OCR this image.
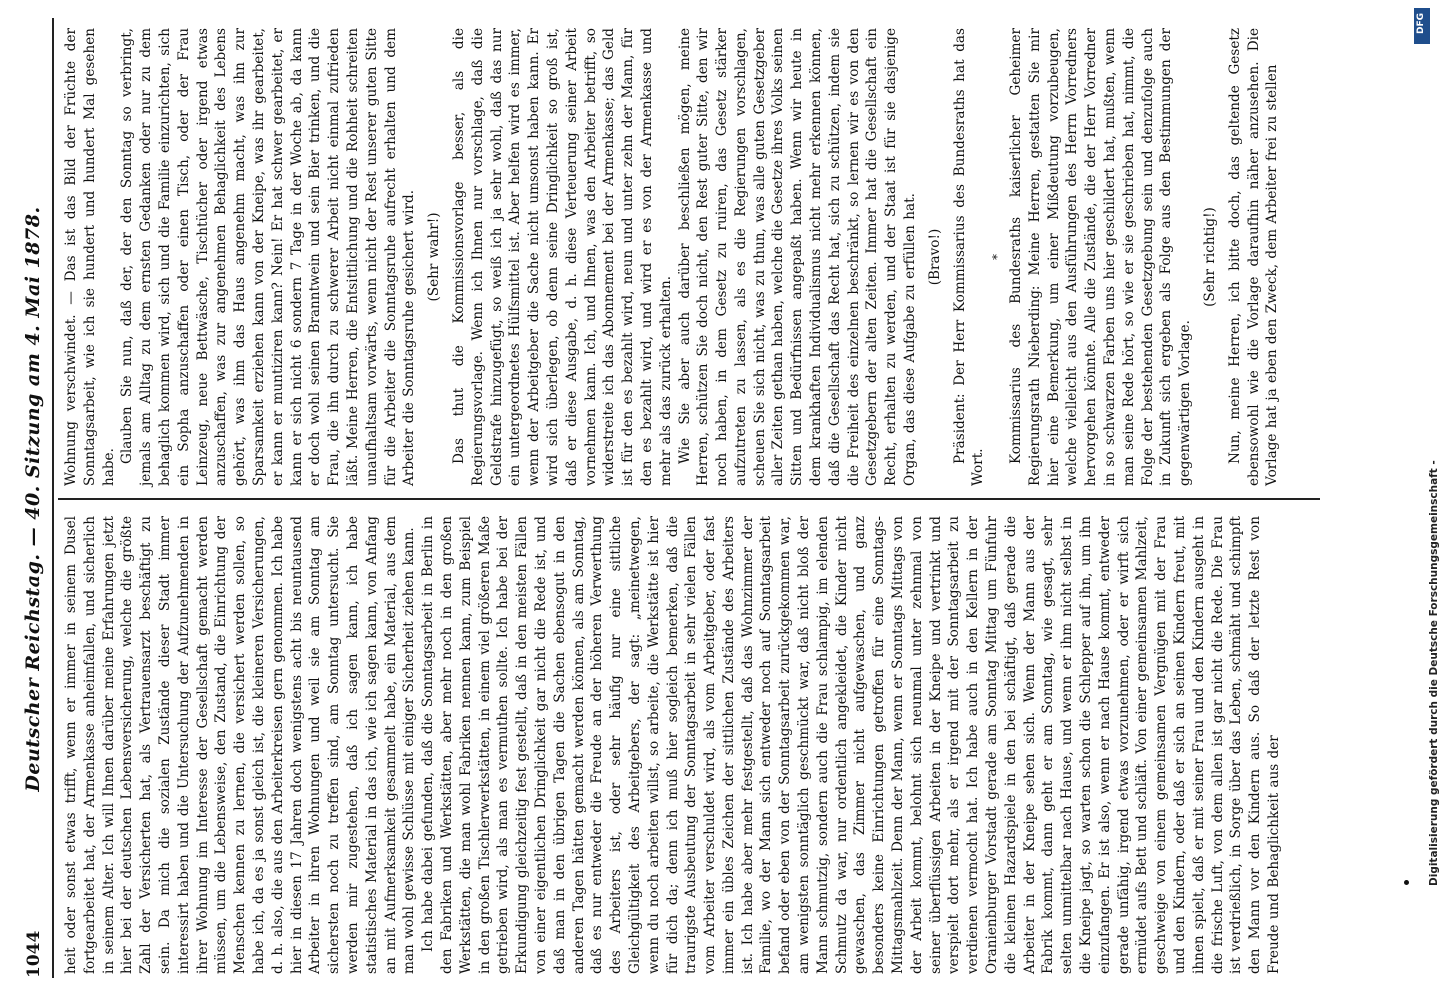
1044
Deutscher Reichstag. — 40. Sitzung am 4. Mai 1878. heit oder sonst etwas trifft, wenn er immer in seinem Dusel fortgearbeitet hat, der Armenkasse anheimfallen, und sicherlich in seinem Alter. Ich will Ihnen darüber meine Erfahrungen jetzt hier bei der deutschen Lebensversicherung, welche die größte Zahl der Versicherten hat, als Vertrauensarzt beschäftigt zu sein. Da mich die sozialen Zustände dieser Stadt immer interessirt haben und die Untersuchung der Aufzunehmenden in ihrer Wohnung im Interesse der Gesellschaft gemacht werden müssen, um die Lebensweise, den Zustand, die Einrichtung der Menschen kennen zu lernen, die versichert werden sollen, so habe ich, da es ja sonst gleich ist, die kleineren Versicherungen, d. h. also, die aus den Arbeiterkreisen gern genommen. Ich habe hier in diesen 17 Jahren doch wenigstens acht bis neuntausend Arbeiter in ihren Wohnungen und weil sie am Sonntag am sichersten noch zu treffen sind, am Sonntag untersucht. Sie werden mir zugestehen, daß ich sagen kann, ich habe statistisches Material in das ich, wie ich sagen kann, von Anfang an mit Aufmerksamkeit gesammelt habe, ein Material, aus dem man wohl gewisse Schlüsse mit einiger Sicherheit ziehen kann. Ich habe dabei gefunden, daß die Sonntagsarbeit in Berlin in den Fabriken und Werkstätten, aber mehr noch in den großen Werkstätten, die man wohl Fabriken nennen kann, zum Beispiel in den großen Tischlerwerkstätten, in einem viel größeren Maße getrieben wird, als man es vermuthen sollte. Ich habe bei der Erkundigung gleichzeitig fest gestellt, daß in den meisten Fällen von einer eigentlichen Dringlichkeit gar nicht die Rede ist, und daß man in den übrigen Tagen die Sachen ebensogut in den anderen Tagen hätten gemacht werden können, als am Sonntag, daß es nur entweder die Freude an der höheren Verwerthung des Arbeiters ist, oder sehr häufig nur eine sittliche Gleichgültigkeit des Arbeitgebers, der sagt: „meinetwegen, wenn du noch arbeiten willst, so arbeite, die Werkstätte ist hier für dich da; denn ich muß hier sogleich bemerken, daß die traurigste Ausbeutung der Sonntagsarbeit in sehr vielen Fällen vom Arbeiter verschuldet wird, als vom Arbeitgeber, oder fast immer ein übles Zeichen der sittlichen Zustände des Arbeiters ist. Ich habe aber mehr festgestellt, daß das Wohnzimmer der Familie, wo der Mann sich entweder noch auf Sonntagsarbeit befand oder eben von der Sonntagsarbeit zurückgekommen war, am wenigsten sonntäglich geschmückt war, daß nicht bloß der Mann schmutzig, sondern auch die Frau schlampig, im elenden Schmutz da war, nur ordentlich angekleidet, die Kinder nicht gewaschen, das Zimmer nicht aufgewaschen, und ganz besonders keine Einrichtungen getroffen für eine Sonntags-Mittagsmahlzeit. Denn der Mann, wenn er Sonntags Mittags von der Arbeit kommt, belohnt sich neunmal unter zehnmal von seiner überflüssigen Arbeiten in der Kneipe und vertrinkt und verspielt dort mehr, als er irgend mit der Sonntagsarbeit zu verdienen vermocht hat. Ich habe auch in den Kellern in der Oranienburger Vorstadt gerade am Sonntag Mittag um Fünfuhr die kleinen Hazardspiele in den bei schäftigt, daß gerade die Arbeiter in der Kneipe sehen sich. Wenn der Mann aus der Fabrik kommt, dann geht er am Sonntag, wie gesagt, sehr selten unmittelbar nach Hause, und wenn er ihm nicht selbst in die Kneipe jagt, so warten schon die Schlepper auf ihn, um ihn einzufangen. Er ist also, wenn er nach Hause kommt, entweder gerade unfähig, irgend etwas vorzunehmen, oder er wirft sich ermüdet aufs Bett und schläft. Von einer gemeinsamen Mahlzeit, geschweige von einem gemeinsamen Vergnügen mit der Frau und den Kindern, oder daß er sich an seinen Kindern freut, mit ihnen spielt, daß er mit seiner Frau und den Kindern ausgeht in die frische Luft, von dem allen ist gar nicht die Rede. Die Frau ist verdrießlich, in Sorge über das Leben, schmäht und schimpft den Mann vor den Kindern aus. So daß der letzte Rest von Freude und Behaglichkeit aus der

Wohnung verschwindet. — Das ist das Bild der Früchte der Sonntagsarbeit, wie ich sie hundert und hundert Mal gesehen habe.

Glauben Sie nun, daß der, der den Sonntag so verbringt, jemals am Alltag zu dem ernsten Gedanken oder nur zu dem behaglich kommen wird, sich und die Familie einzurichten, sich ein Sopha anzuschaffen oder einen Tisch, oder der Frau Leinzeug, neue Bettwäsche, Tischtücher oder irgend etwas anzuschaffen, was zur angenehmen Behaglichkeit des Lebens gehört, was ihm das Haus angenehm macht, was ihn zur Sparsamkeit erziehen kann von der Kneipe, was ihr gearbeitet, er kann er muntiziren kann? Nein! Er hat schwer gearbeitet, er kann er sich nicht 6 sondern 7 Tage in der Woche ab, da kann er doch wohl seinen Branntwein und sein Bier trinken, und die Frau, die ihn durch zu schwerer Arbeit nicht einmal zufrieden läßt. Meine Herren, die Entsittlichung und die Rohheit schreiten unaufhaltsam vorwärts, wenn nicht der Rest unserer guten Sitte für die Arbeiter die Sonntagsruhe aufrecht erhalten und dem Arbeiter die Sonntagsruhe gesichert wird. (Sehr wahr!) Das thut die Kommissionsvorlage besser, als die Regierungsvorlage. Wenn ich Ihnen nur vorschlage, daß die Geldstrafe hinzugefügt, so weiß ich ja sehr wohl, daß das nur ein untergeordnetes Hülfsmittel ist. Aber helfen wird es immer, wenn der Arbeitgeber die Sache nicht umsonst haben kann. Er wird sich überlegen, ob denn seine Dringlichkeit so groß ist, daß er diese Ausgabe, d. h. diese Verteuerung seiner Arbeit vornehmen kann. Ich, und Ihnen, was den Arbeiter betrifft, so widerstreite ich das Abonnement bei der Armenkasse; das Geld ist für den es bezahlt wird, neun und unter zehn der Mann, für den es bezahlt wird, und wird er es von der Armenkasse und mehr als das zurück erhalten. Wie Sie aber auch darüber beschließen mögen, meine Herren, schützen Sie doch nicht, den Rest guter Sitte, den wir noch haben, in dem Gesetz zu ruiren, das Gesetz stärker aufzutreten zu lassen, als es die Regierungen vorschlagen, scheuen Sie sich nicht, was zu thun, was alle guten Gesetzgeber aller Zeiten gethan haben, welche die Gesetze ihres Volks seinen Sitten und Bedürfnissen angepaßt haben. Wenn wir heute in dem krankhaften Individualismus nicht mehr erkennen können, daß die Gesellschaft das Recht hat, sich zu schützen, indem sie die Freiheit des einzelnen beschränkt, so lernen wir es von den Gesetzgebern der alten Zeiten. Immer hat die Gesellschaft ein Recht, erhalten zu werden, und der Staat ist für sie dasjenige Organ, das diese Aufgabe zu erfüllen hat. (Bravo!) Präsident: Der Herr Kommissarius des Bundesraths hat das Wort.

* Kommissarius des Bundesraths kaiserlicher Geheimer Regierungsrath Nieberding: Meine Herren, gestatten Sie mir hier eine Bemerkung, um einer Mißdeutung vorzubeugen, welche vielleicht aus den Ausführungen des Herrn Vorredners hervorgehen könnte. Alle die Zustände, die der Herr Vorredner in so schwarzen Farben uns hier geschildert hat, mußten, wenn man seine Rede hört, so wie er sie geschrieben hat, nimmt, die Folge der bestehenden Gesetzgebung sein und denzufolge auch in Zukunft sich ergeben als Folge aus den Bestimmungen der gegenwärtigen Vorlage.

(Sehr richtig!) Nun, meine Herren, ich bitte doch, das geltende Gesetz ebensowohl wie die Vorlage daraufhin näher anzusehen. Die Vorlage hat ja eben den Zweck, dem Arbeiter frei zu stellen

Digitalisierung gefördert durch die Deutsche Forschungsgemeinschaft -
DFG
